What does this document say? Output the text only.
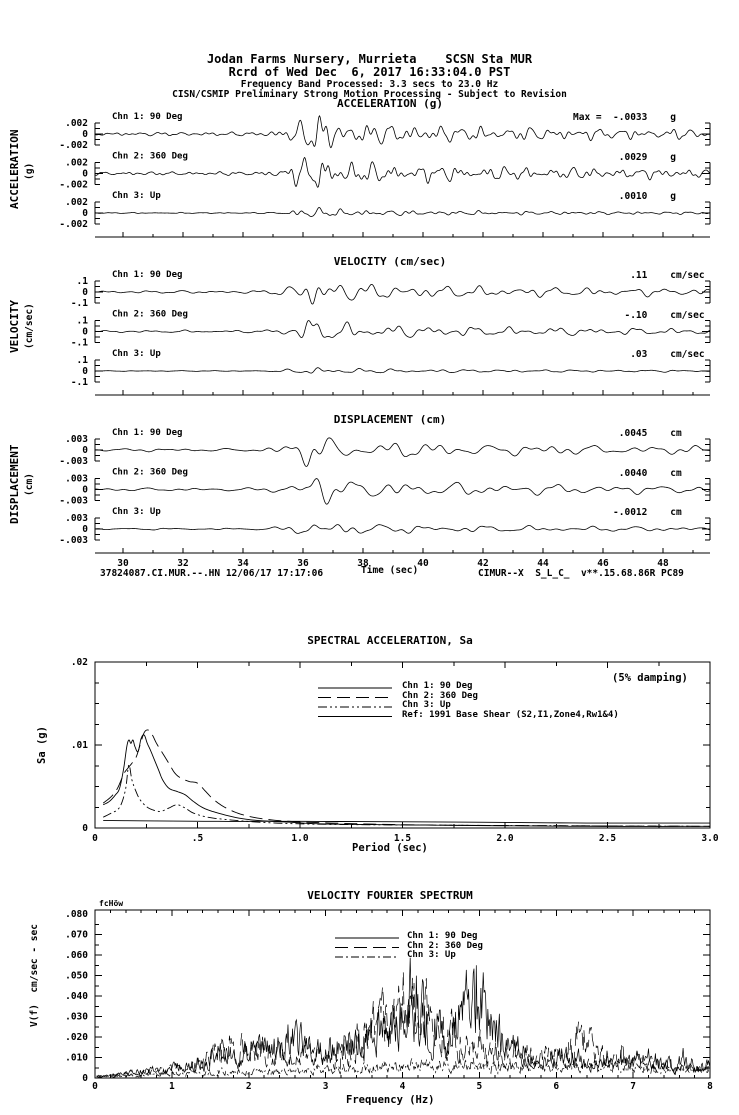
.002
0
-.002
Chn 1: 90 Deg
.002
0
-.002
Chn 2: 360 Deg
.002
0
-.002
Chn 3: Up
.1
0
-.1
Chn 1: 90 Deg
.1
0
-.1
Chn 2: 360 Deg
.1
0
-.1
Chn 3: Up
30	32	34	36	38	40	42	44	46	48
.003
0
-.003
Chn 1: 90 Deg
.003
0
-.003
Chn 2: 360 Deg
.003
0
-.003
Chn 3: Up
0
.01
.02
0	.5	1.0	1.5	2.0	2.5	3.0
0
.010
.020
.030
.040
.050
.060
.070
.080
0	1	2	3	4	5	6	7	8
Jodan Farms Nursery, Murrieta    SCSN Sta MUR
Rcrd of Wed Dec  6, 2017 16:33:04.0 PST
Frequency Band Processed: 3.3 secs to 23.0 Hz
CISN/CSMIP Preliminary Strong Motion Processing - Subject to Revision
ACCELERATION (g)
VELOCITY (cm/sec)
DISPLACEMENT (cm)
ACCELERATION (g)
VELOCITY (cm/sec)
DISPLACEMENT (cm)
Time (sec)
37824087.CI.MUR.--.HN 12/06/17 17:17:06	CIMUR--X  S_L_C_  v**.15.68.86R PC89
SPECTRAL ACCELERATION, Sa
(5% damping)
Period (sec)
Sa (g)
VELOCITY FOURIER SPECTRUM
fcHöw
Frequency (Hz)
V(f)  cm/sec - sec
Max =  -.0033    g
.0029    g
.0010    g
.11    cm/sec
-.10    cm/sec
.03    cm/sec
.0045    cm
.0040    cm
-.0012    cm
Chn 1: 90 Deg
Chn 2: 360 Deg
Chn 3: Up
Ref: 1991 Base Shear (S2,I1,Zone4,Rw1&4)
Chn 1: 90 Deg
Chn 2: 360 Deg
Chn 3: Up
